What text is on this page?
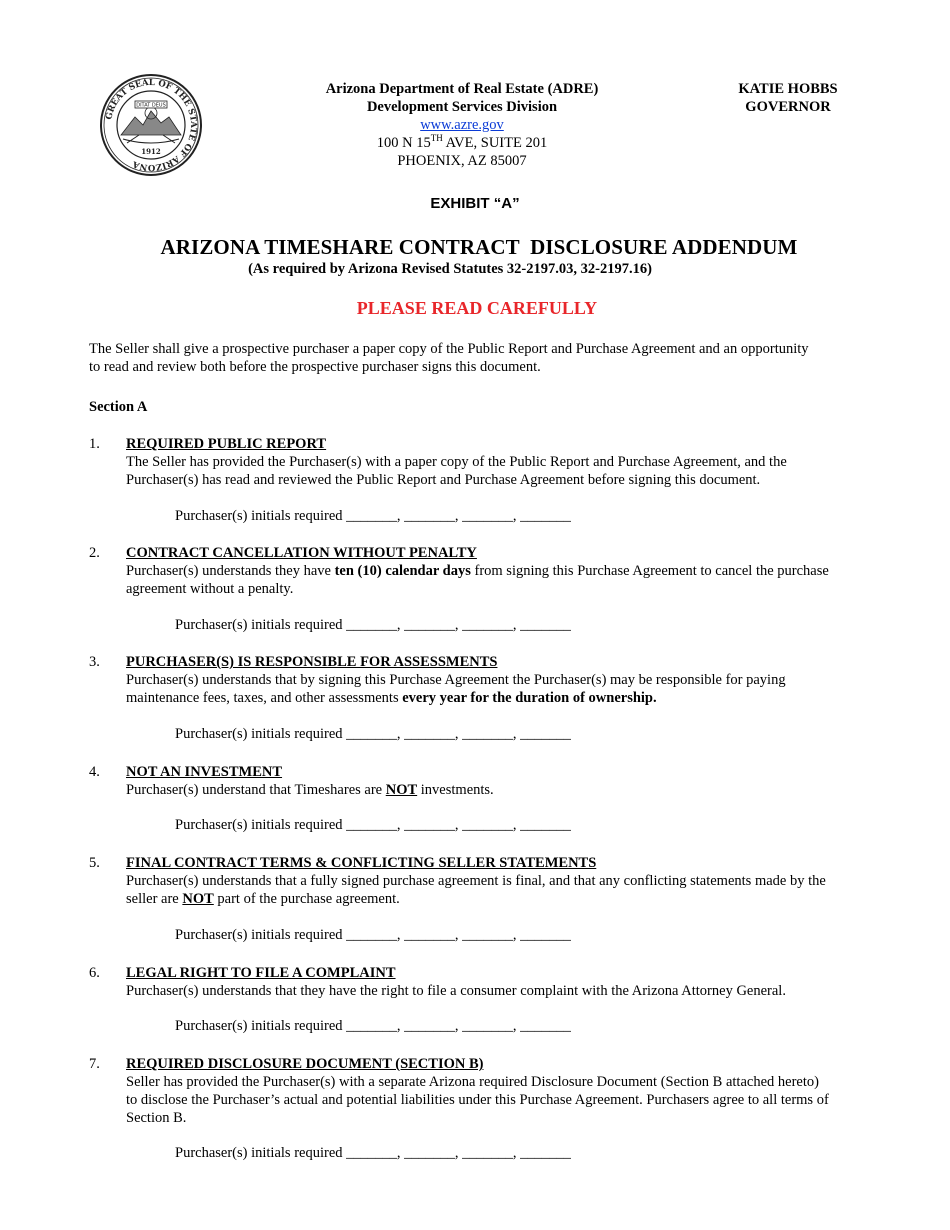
GREAT SEAL OF THE STATE OF ARIZONA
DITAT DEUS
1912
Arizona Department of Real Estate (ADRE)
Development Services Division
www.azre.gov
100 N 15TH AVE, SUITE 201
PHOENIX, AZ 85007
KATIE HOBBS
GOVERNOR
EXHIBIT “A”
ARIZONA TIMESHARE CONTRACT  DISCLOSURE ADDENDUM
(As required by Arizona Revised Statutes 32-2197.03, 32-2197.16)
PLEASE READ CAREFULLY
The Seller shall give a prospective purchaser a paper copy of the Public Report and Purchase Agreement and an opportunity
to read and review both before the prospective purchaser signs this document.
Section A
1. REQUIRED PUBLIC REPORT
The Seller has provided the Purchaser(s) with a paper copy of the Public Report and Purchase Agreement, and the
Purchaser(s) has read and reviewed the Public Report and Purchase Agreement before signing this document.
Purchaser(s) initials required _______, _______, _______, _______
2. CONTRACT CANCELLATION WITHOUT PENALTY
Purchaser(s) understands they have ten (10) calendar days from signing this Purchase Agreement to cancel the purchase
agreement without a penalty.
Purchaser(s) initials required _______, _______, _______, _______
3. PURCHASER(S) IS RESPONSIBLE FOR ASSESSMENTS
Purchaser(s) understands that by signing this Purchase Agreement the Purchaser(s) may be responsible for paying
maintenance fees, taxes, and other assessments every year for the duration of ownership.
Purchaser(s) initials required _______, _______, _______, _______
4. NOT AN INVESTMENT
Purchaser(s) understand that Timeshares are NOT investments.
Purchaser(s) initials required _______, _______, _______, _______
5. FINAL CONTRACT TERMS & CONFLICTING SELLER STATEMENTS
Purchaser(s) understands that a fully signed purchase agreement is final, and that any conflicting statements made by the
seller are NOT part of the purchase agreement.
Purchaser(s) initials required _______, _______, _______, _______
6. LEGAL RIGHT TO FILE A COMPLAINT
Purchaser(s) understands that they have the right to file a consumer complaint with the Arizona Attorney General.
Purchaser(s) initials required _______, _______, _______, _______
7. REQUIRED DISCLOSURE DOCUMENT (SECTION B)
Seller has provided the Purchaser(s) with a separate Arizona required Disclosure Document (Section B attached hereto)
to disclose the Purchaser’s actual and potential liabilities under this Purchase Agreement. Purchasers agree to all terms of
Section B.
Purchaser(s) initials required _______, _______, _______, _______
